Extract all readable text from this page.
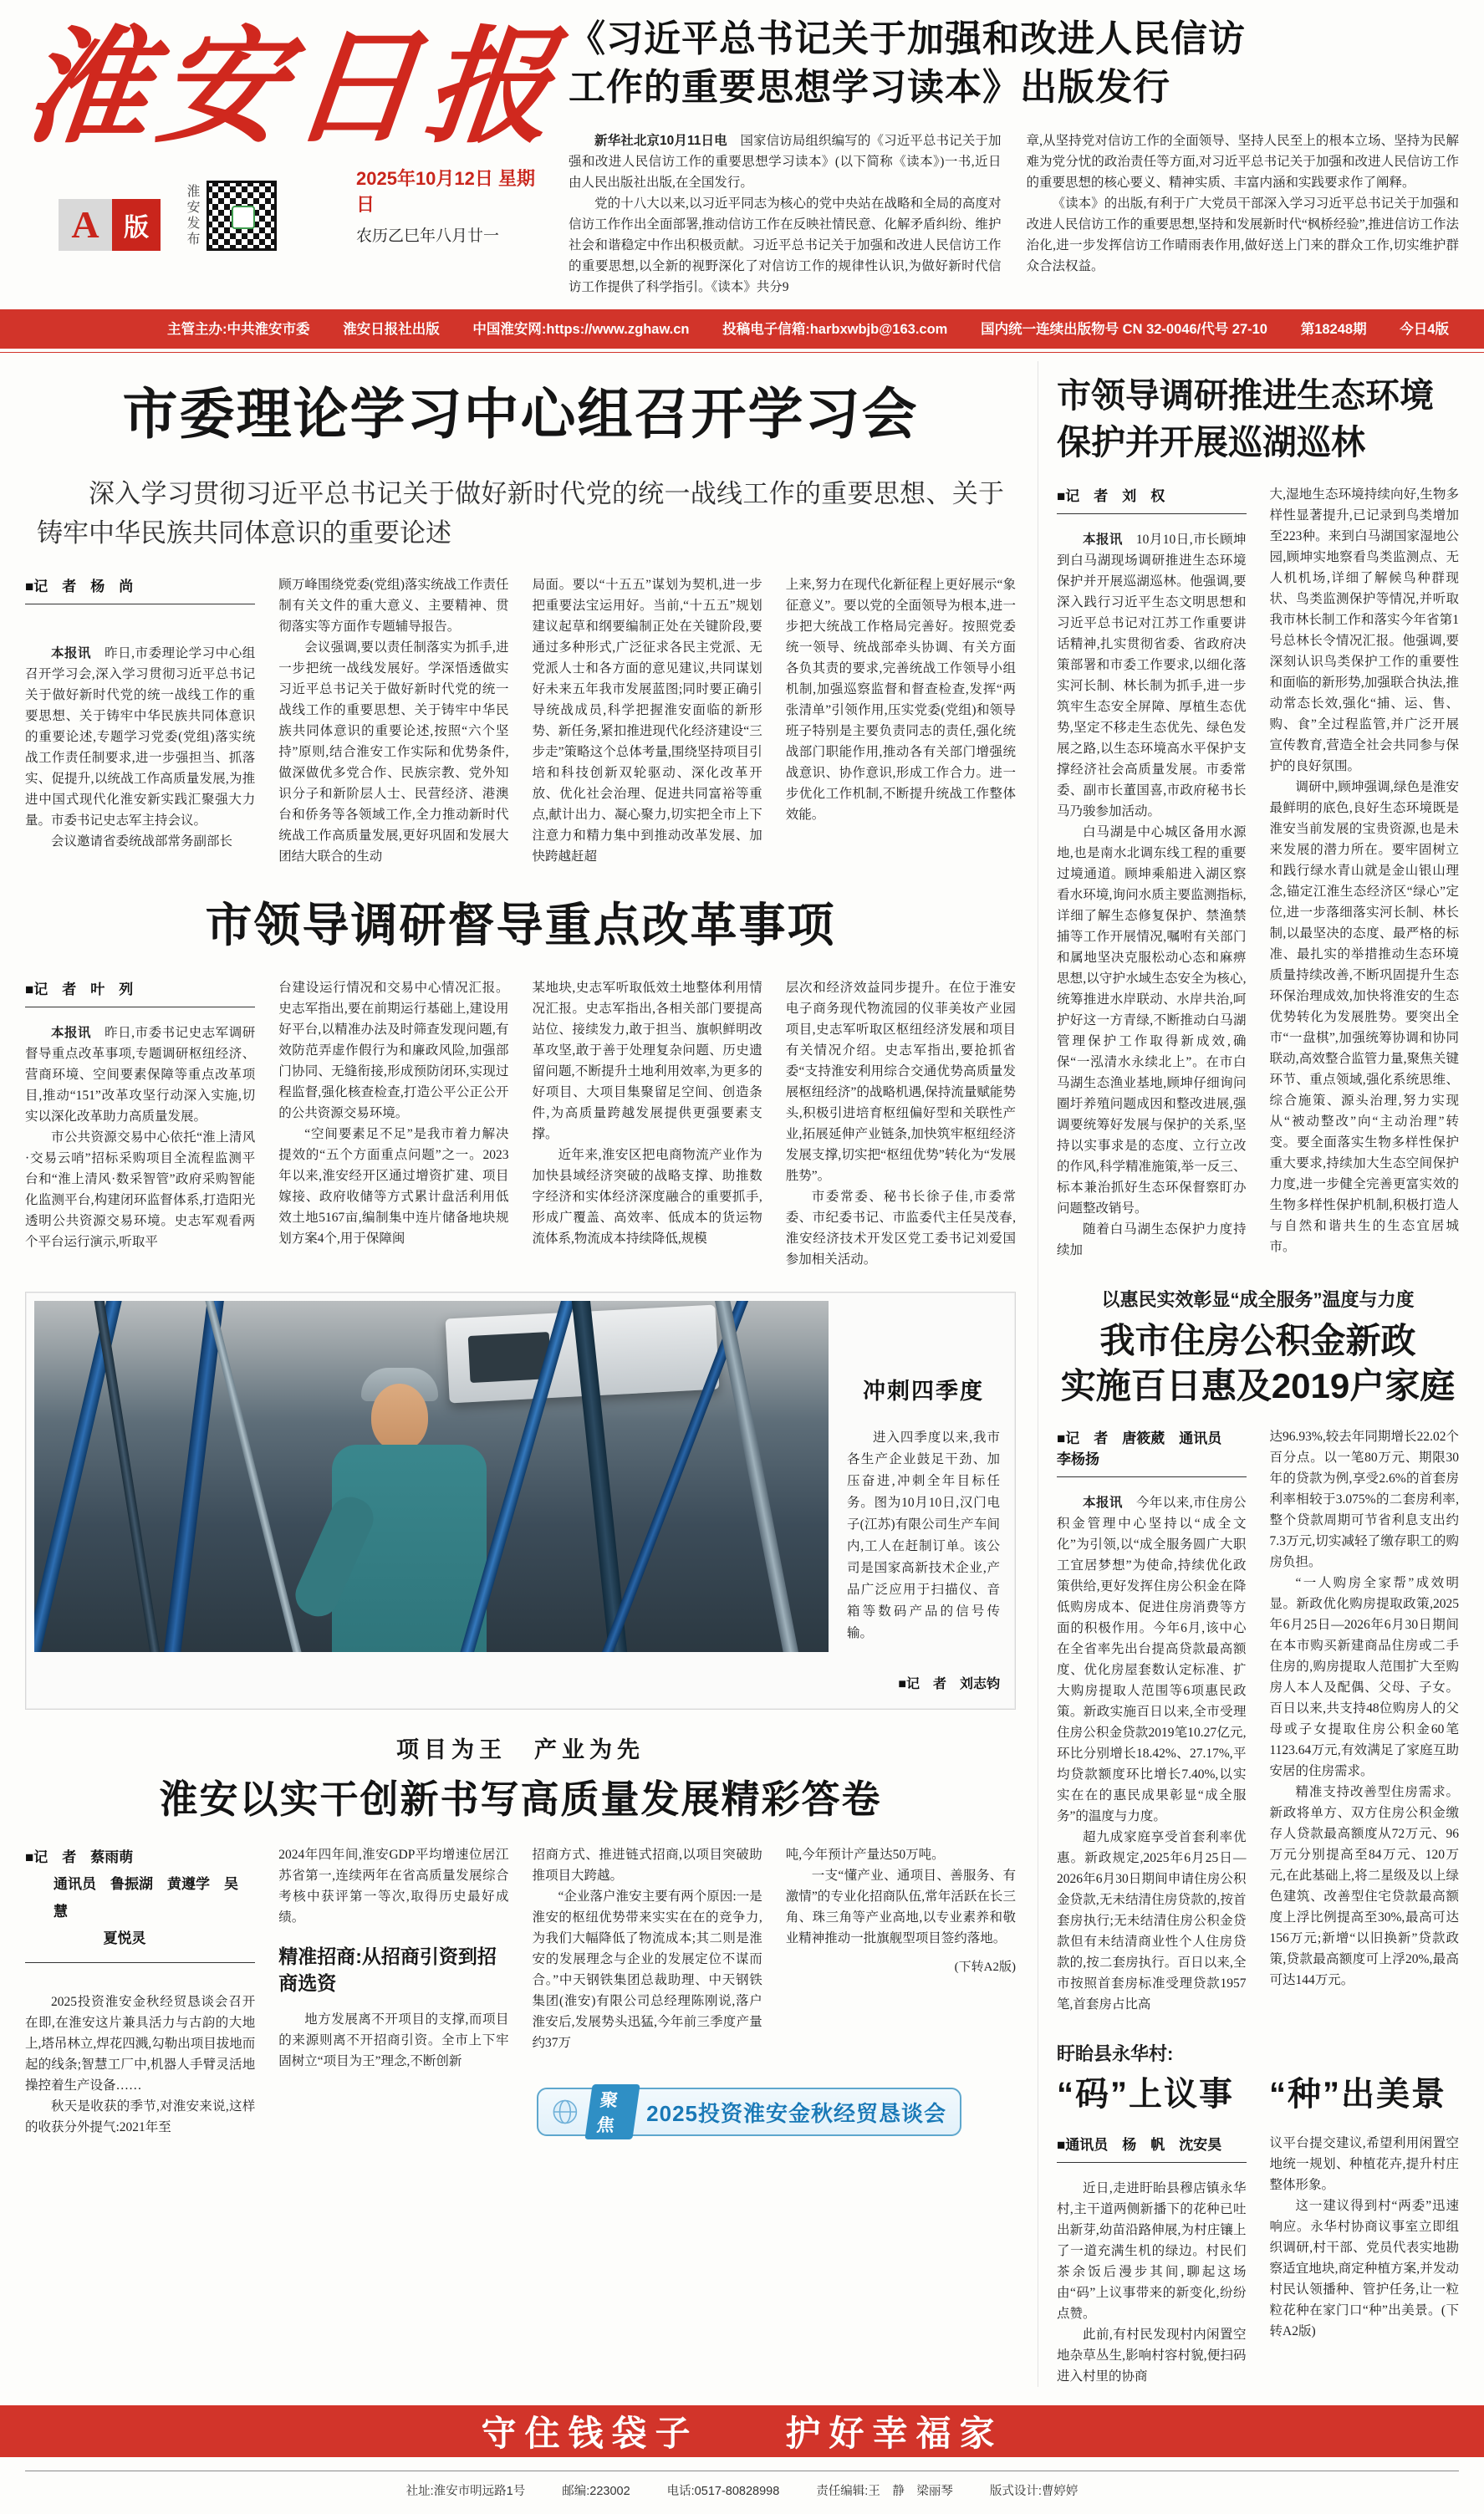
淮安日报
A 版	淮安发布
2025年10月12日 星期日
农历乙巳年八月廿一
《习近平总书记关于加强和改进人民信访
工作的重要思想学习读本》出版发行

新华社北京10月11日电　国家信访局组织编写的《习近平总书记关于加强和改进人民信访工作的重要思想学习读本》(以下简称《读本》)一书,近日由人民出版社出版,在全国发行。

党的十八大以来,以习近平同志为核心的党中央站在战略和全局的高度对信访工作作出全面部署,推动信访工作在反映社情民意、化解矛盾纠纷、维护社会和谐稳定中作出积极贡献。习近平总书记关于加强和改进人民信访工作的重要思想,以全新的视野深化了对信访工作的规律性认识,为做好新时代信访工作提供了科学指引。《读本》共分9

章,从坚持党对信访工作的全面领导、坚持人民至上的根本立场、坚持为民解难为党分忧的政治责任等方面,对习近平总书记关于加强和改进人民信访工作的重要思想的核心要义、精神实质、丰富内涵和实践要求作了阐释。

《读本》的出版,有利于广大党员干部深入学习习近平总书记关于加强和改进人民信访工作的重要思想,坚持和发展新时代“枫桥经验”,推进信访工作法治化,进一步发挥信访工作晴雨表作用,做好送上门来的群众工作,切实维护群众合法权益。

主管主办:中共淮安市委 淮安日报社出版 中国淮安网:https://www.zghaw.cn 投稿电子信箱:harbxwbjb@163.com 国内统一连续出版物号 CN 32-0046/代号 27-10 第18248期 今日4版
市委理论学习中心组召开学习会

深入学习贯彻习近平总书记关于做好新时代党的统一战线工作的重要思想、关于铸牢中华民族共同体意识的重要论述

■记　者　杨　尚

本报讯　昨日,市委理论学习中心组召开学习会,深入学习贯彻习近平总书记关于做好新时代党的统一战线工作的重要思想、关于铸牢中华民族共同体意识的重要论述,专题学习党委(党组)落实统战工作责任制要求,进一步强担当、抓落实、促提升,以统战工作高质量发展,为推进中国式现代化淮安新实践汇聚强大力量。市委书记史志军主持会议。

会议邀请省委统战部常务副部长

顾万峰围绕党委(党组)落实统战工作责任制有关文件的重大意义、主要精神、贯彻落实等方面作专题辅导报告。

会议强调,要以责任制落实为抓手,进一步把统一战线发展好。学深悟透做实习近平总书记关于做好新时代党的统一战线工作的重要思想、关于铸牢中华民族共同体意识的重要论述,按照“六个坚持”原则,结合淮安工作实际和优势条件,做深做优多党合作、民族宗教、党外知识分子和新阶层人士、民营经济、港澳台和侨务等各领域工作,全力推动新时代统战工作高质量发展,更好巩固和发展大团结大联合的生动

局面。要以“十五五”谋划为契机,进一步把重要法宝运用好。当前,“十五五”规划建议起草和纲要编制正处在关键阶段,要通过多种形式,广泛征求各民主党派、无党派人士和各方面的意见建议,共同谋划好未来五年我市发展蓝图;同时要正确引导统战成员,科学把握淮安面临的新形势、新任务,紧扣推进现代化经济建设“三步走”策略这个总体考量,围绕坚持项目引培和科技创新双轮驱动、深化改革开放、优化社会治理、促进共同富裕等重点,献计出力、凝心聚力,切实把全市上下注意力和精力集中到推动改革发展、加快跨越赶超

上来,努力在现代化新征程上更好展示“象征意义”。要以党的全面领导为根本,进一步把大统战工作格局完善好。按照党委统一领导、统战部牵头协调、有关方面各负其责的要求,完善统战工作领导小组机制,加强巡察监督和督查检查,发挥“两张清单”引领作用,压实党委(党组)和领导班子特别是主要负责同志的责任,强化统战部门职能作用,推动各有关部门增强统战意识、协作意识,形成工作合力。进一步优化工作机制,不断提升统战工作整体效能。

市领导调研督导重点改革事项
■记　者　叶　列

本报讯　昨日,市委书记史志军调研督导重点改革事项,专题调研枢纽经济、营商环境、空间要素保障等重点改革项目,推动“151”改革攻坚行动深入实施,切实以深化改革助力高质量发展。

市公共资源交易中心依托“淮上清风·交易云哨”招标采购项目全流程监测平台和“淮上清风·数采智管”政府采购智能化监测平台,构建闭环监督体系,打造阳光透明公共资源交易环境。史志军观看两个平台运行演示,听取平

台建设运行情况和交易中心情况汇报。史志军指出,要在前期运行基础上,建设用好平台,以精准办法及时筛查发现问题,有效防范弄虚作假行为和廉政风险,加强部门协同、无缝衔接,形成预防闭环,实现过程监督,强化核查检查,打造公平公正公开的公共资源交易环境。

“空间要素足不足”是我市着力解决提效的“五个方面重点问题”之一。2023年以来,淮安经开区通过增资扩建、项目嫁接、政府收储等方式累计盘活利用低效土地5167亩,编制集中连片储备地块规划方案4个,用于保障闽

某地块,史志军听取低效土地整体利用情况汇报。史志军指出,各相关部门要提高站位、接续发力,敢于担当、旗帜鲜明改革攻坚,敢于善于处理复杂问题、历史遗留问题,不断提升土地利用效率,为更多的好项目、大项目集聚留足空间、创造条件,为高质量跨越发展提供更强要素支撑。

近年来,淮安区把电商物流产业作为加快县域经济突破的战略支撑、助推数字经济和实体经济深度融合的重要抓手,形成广覆盖、高效率、低成本的货运物流体系,物流成本持续降低,规模

层次和经济效益同步提升。在位于淮安电子商务现代物流园的仪菲美妆产业园项目,史志军听取区枢纽经济发展和项目有关情况介绍。史志军指出,要抢抓省委“支持淮安利用综合交通优势高质量发展枢纽经济”的战略机遇,保持流量赋能势头,积极引进培育枢纽偏好型和关联性产业,拓展延伸产业链条,加快筑牢枢纽经济发展支撑,切实把“枢纽优势”转化为“发展胜势”。

市委常委、秘书长徐子佳,市委常委、市纪委书记、市监委代主任吴茂春,淮安经济技术开发区党工委书记刘爱国参加相关活动。

冲刺四季度

进入四季度以来,我市各生产企业鼓足干劲、加压奋进,冲刺全年目标任务。图为10月10日,汉门电子(江苏)有限公司生产车间内,工人在赶制订单。该公司是国家高新技术企业,产品广泛应用于扫描仪、音箱等数码产品的信号传输。

■记　者　刘志钧
项目为王　产业为先
淮安以实干创新书写高质量发展精彩答卷
■记　者　蔡雨萌
通讯员　鲁振湖　黄遵学　吴　慧
夏悦灵

2025投资淮安金秋经贸恳谈会召开在即,在淮安这片兼具活力与古韵的大地上,塔吊林立,焊花四溅,勾勒出项目拔地而起的线条;智慧工厂中,机器人手臂灵活地操控着生产设备……

秋天是收获的季节,对淮安来说,这样的收获分外提气:2021年至

2024年四年间,淮安GDP平均增速位居江苏省第一,连续两年在省高质量发展综合考核中获评第一等次,取得历史最好成绩。

精准招商:从招商引资到招商选资

地方发展离不开项目的支撑,而项目的来源则离不开招商引资。全市上下牢固树立“项目为王”理念,不断创新

招商方式、推进链式招商,以项目突破助推项目大跨越。

“企业落户淮安主要有两个原因:一是淮安的枢纽优势带来实实在在的竞争力,为我们大幅降低了物流成本;其二则是淮安的发展理念与企业的发展定位不谋而合。”中天钢铁集团总裁助理、中天钢铁集团(淮安)有限公司总经理陈刚说,落户淮安后,发展势头迅猛,今年前三季度产量约37万

吨,今年预计产量达50万吨。

一支“懂产业、通项目、善服务、有激情”的专业化招商队伍,常年活跃在长三角、珠三角等产业高地,以专业素养和敬业精神推动一批旗舰型项目签约落地。

(下转A2版)
聚焦	2025投资淮安金秋经贸恳谈会
市领导调研推进生态环境
保护并开展巡湖巡林
■记　者　刘　权

本报讯　10月10日,市长顾坤到白马湖现场调研推进生态环境保护并开展巡湖巡林。他强调,要深入践行习近平生态文明思想和习近平总书记对江苏工作重要讲话精神,扎实贯彻省委、省政府决策部署和市委工作要求,以细化落实河长制、林长制为抓手,进一步筑牢生态安全屏障、厚植生态优势,坚定不移走生态优先、绿色发展之路,以生态环境高水平保护支撑经济社会高质量发展。市委常委、副市长董国喜,市政府秘书长马乃骏参加活动。

白马湖是中心城区备用水源地,也是南水北调东线工程的重要过境通道。顾坤乘船进入湖区察看水环境,询问水质主要监测指标,详细了解生态修复保护、禁渔禁捕等工作开展情况,嘱咐有关部门和属地坚决克服松动心态和麻痹思想,以守护水域生态安全为核心,统筹推进水岸联动、水岸共治,呵护好这一方青绿,不断推动白马湖管理保护工作取得新成效,确保“一泓清水永续北上”。在市白马湖生态渔业基地,顾坤仔细询问圈圩养殖问题成因和整改进展,强调要统筹好发展与保护的关系,坚持以实事求是的态度、立行立改的作风,科学精准施策,举一反三、标本兼治抓好生态环保督察盯办问题整改销号。

随着白马湖生态保护力度持续加

大,湿地生态环境持续向好,生物多样性显著提升,已记录到鸟类增加至223种。来到白马湖国家湿地公园,顾坤实地察看鸟类监测点、无人机机场,详细了解候鸟种群现状、鸟类监测保护等情况,并听取我市林长制工作和落实今年省第1号总林长令情况汇报。他强调,要深刻认识鸟类保护工作的重要性和面临的新形势,加强联合执法,推动常态长效,强化“捕、运、售、购、食”全过程监管,并广泛开展宣传教育,营造全社会共同参与保护的良好氛围。

调研中,顾坤强调,绿色是淮安最鲜明的底色,良好生态环境既是淮安当前发展的宝贵资源,也是未来发展的潜力所在。要牢固树立和践行绿水青山就是金山银山理念,锚定江淮生态经济区“绿心”定位,进一步落细落实河长制、林长制,以最坚决的态度、最严格的标准、最扎实的举措推动生态环境质量持续改善,不断巩固提升生态环保治理成效,加快将淮安的生态优势转化为发展胜势。要突出全市“一盘棋”,加强统筹协调和协同联动,高效整合监管力量,聚焦关键环节、重点领域,强化系统思维、综合施策、源头治理,努力实现从“被动整改”向“主动治理”转变。要全面落实生物多样性保护重大要求,持续加大生态空间保护力度,进一步健全完善更富实效的生物多样性保护机制,积极打造人与自然和谐共生的生态宜居城市。

以惠民实效彰显“成全服务”温度与力度
我市住房公积金新政
实施百日惠及2019户家庭
■记　者　唐筱葳　通讯员　李杨扬

本报讯　今年以来,市住房公积金管理中心坚持以“成全文化”为引领,以“成全服务圆广大职工宜居梦想”为使命,持续优化政策供给,更好发挥住房公积金在降低购房成本、促进住房消费等方面的积极作用。今年6月,该中心在全省率先出台提高贷款最高额度、优化房屋套数认定标准、扩大购房提取人范围等6项惠民政策。新政实施百日以来,全市受理住房公积金贷款2019笔10.27亿元,环比分别增长18.42%、27.17%,平均贷款额度环比增长7.40%,以实实在在的惠民成果彰显“成全服务”的温度与力度。

超九成家庭享受首套利率优惠。新政规定,2025年6月25日—2026年6月30日期间申请住房公积金贷款,无未结清住房贷款的,按首套房执行;无未结清住房公积金贷款但有未结清商业性个人住房贷款的,按二套房执行。百日以来,全市按照首套房标准受理贷款1957笔,首套房占比高

达96.93%,较去年同期增长22.02个百分点。以一笔80万元、期限30年的贷款为例,享受2.6%的首套房利率相较于3.075%的二套房利率,整个贷款周期可节省利息支出约7.3万元,切实减轻了缴存职工的购房负担。

“一人购房全家帮”成效明显。新政优化购房提取政策,2025年6月25日—2026年6月30日期间在本市购买新建商品住房或二手住房的,购房提取人范围扩大至购房人本人及配偶、父母、子女。百日以来,共支持48位购房人的父母或子女提取住房公积金60笔1123.64万元,有效满足了家庭互助安居的住房需求。

精准支持改善型住房需求。新政将单方、双方住房公积金缴存人贷款最高额度从72万元、96万元分别提高至84万元、120万元,在此基础上,将二星级及以上绿色建筑、改善型住宅贷款最高额度上浮比例提高至30%,最高可达156万元;新增“以旧换新”贷款政策,贷款最高额度可上浮20%,最高可达144万元。

盱眙县永华村:
“码”上议事　“种”出美景
■通讯员　杨　帆　沈安昊

近日,走进盱眙县穆店镇永华村,主干道两侧新播下的花种已吐出新芽,幼苗沿路伸展,为村庄镶上了一道充满生机的绿边。村民们茶余饭后漫步其间,聊起这场由“码”上议事带来的新变化,纷纷点赞。

此前,有村民发现村内闲置空地杂草丛生,影响村容村貌,便扫码进入村里的协商

议平台提交建议,希望利用闲置空地统一规划、种植花卉,提升村庄整体形象。

这一建议得到村“两委”迅速响应。永华村协商议事室立即组织调研,村干部、党员代表实地勘察适宜地块,商定种植方案,并发动村民认领播种、管护任务,让一粒粒花种在家门口“种”出美景。(下转A2版)

守住钱袋子　　护好幸福家
社址:淮安市明远路1号	邮编:223002	电话:0517-80828998	责任编辑:王　静　梁丽琴	版式设计:曹婷婷
